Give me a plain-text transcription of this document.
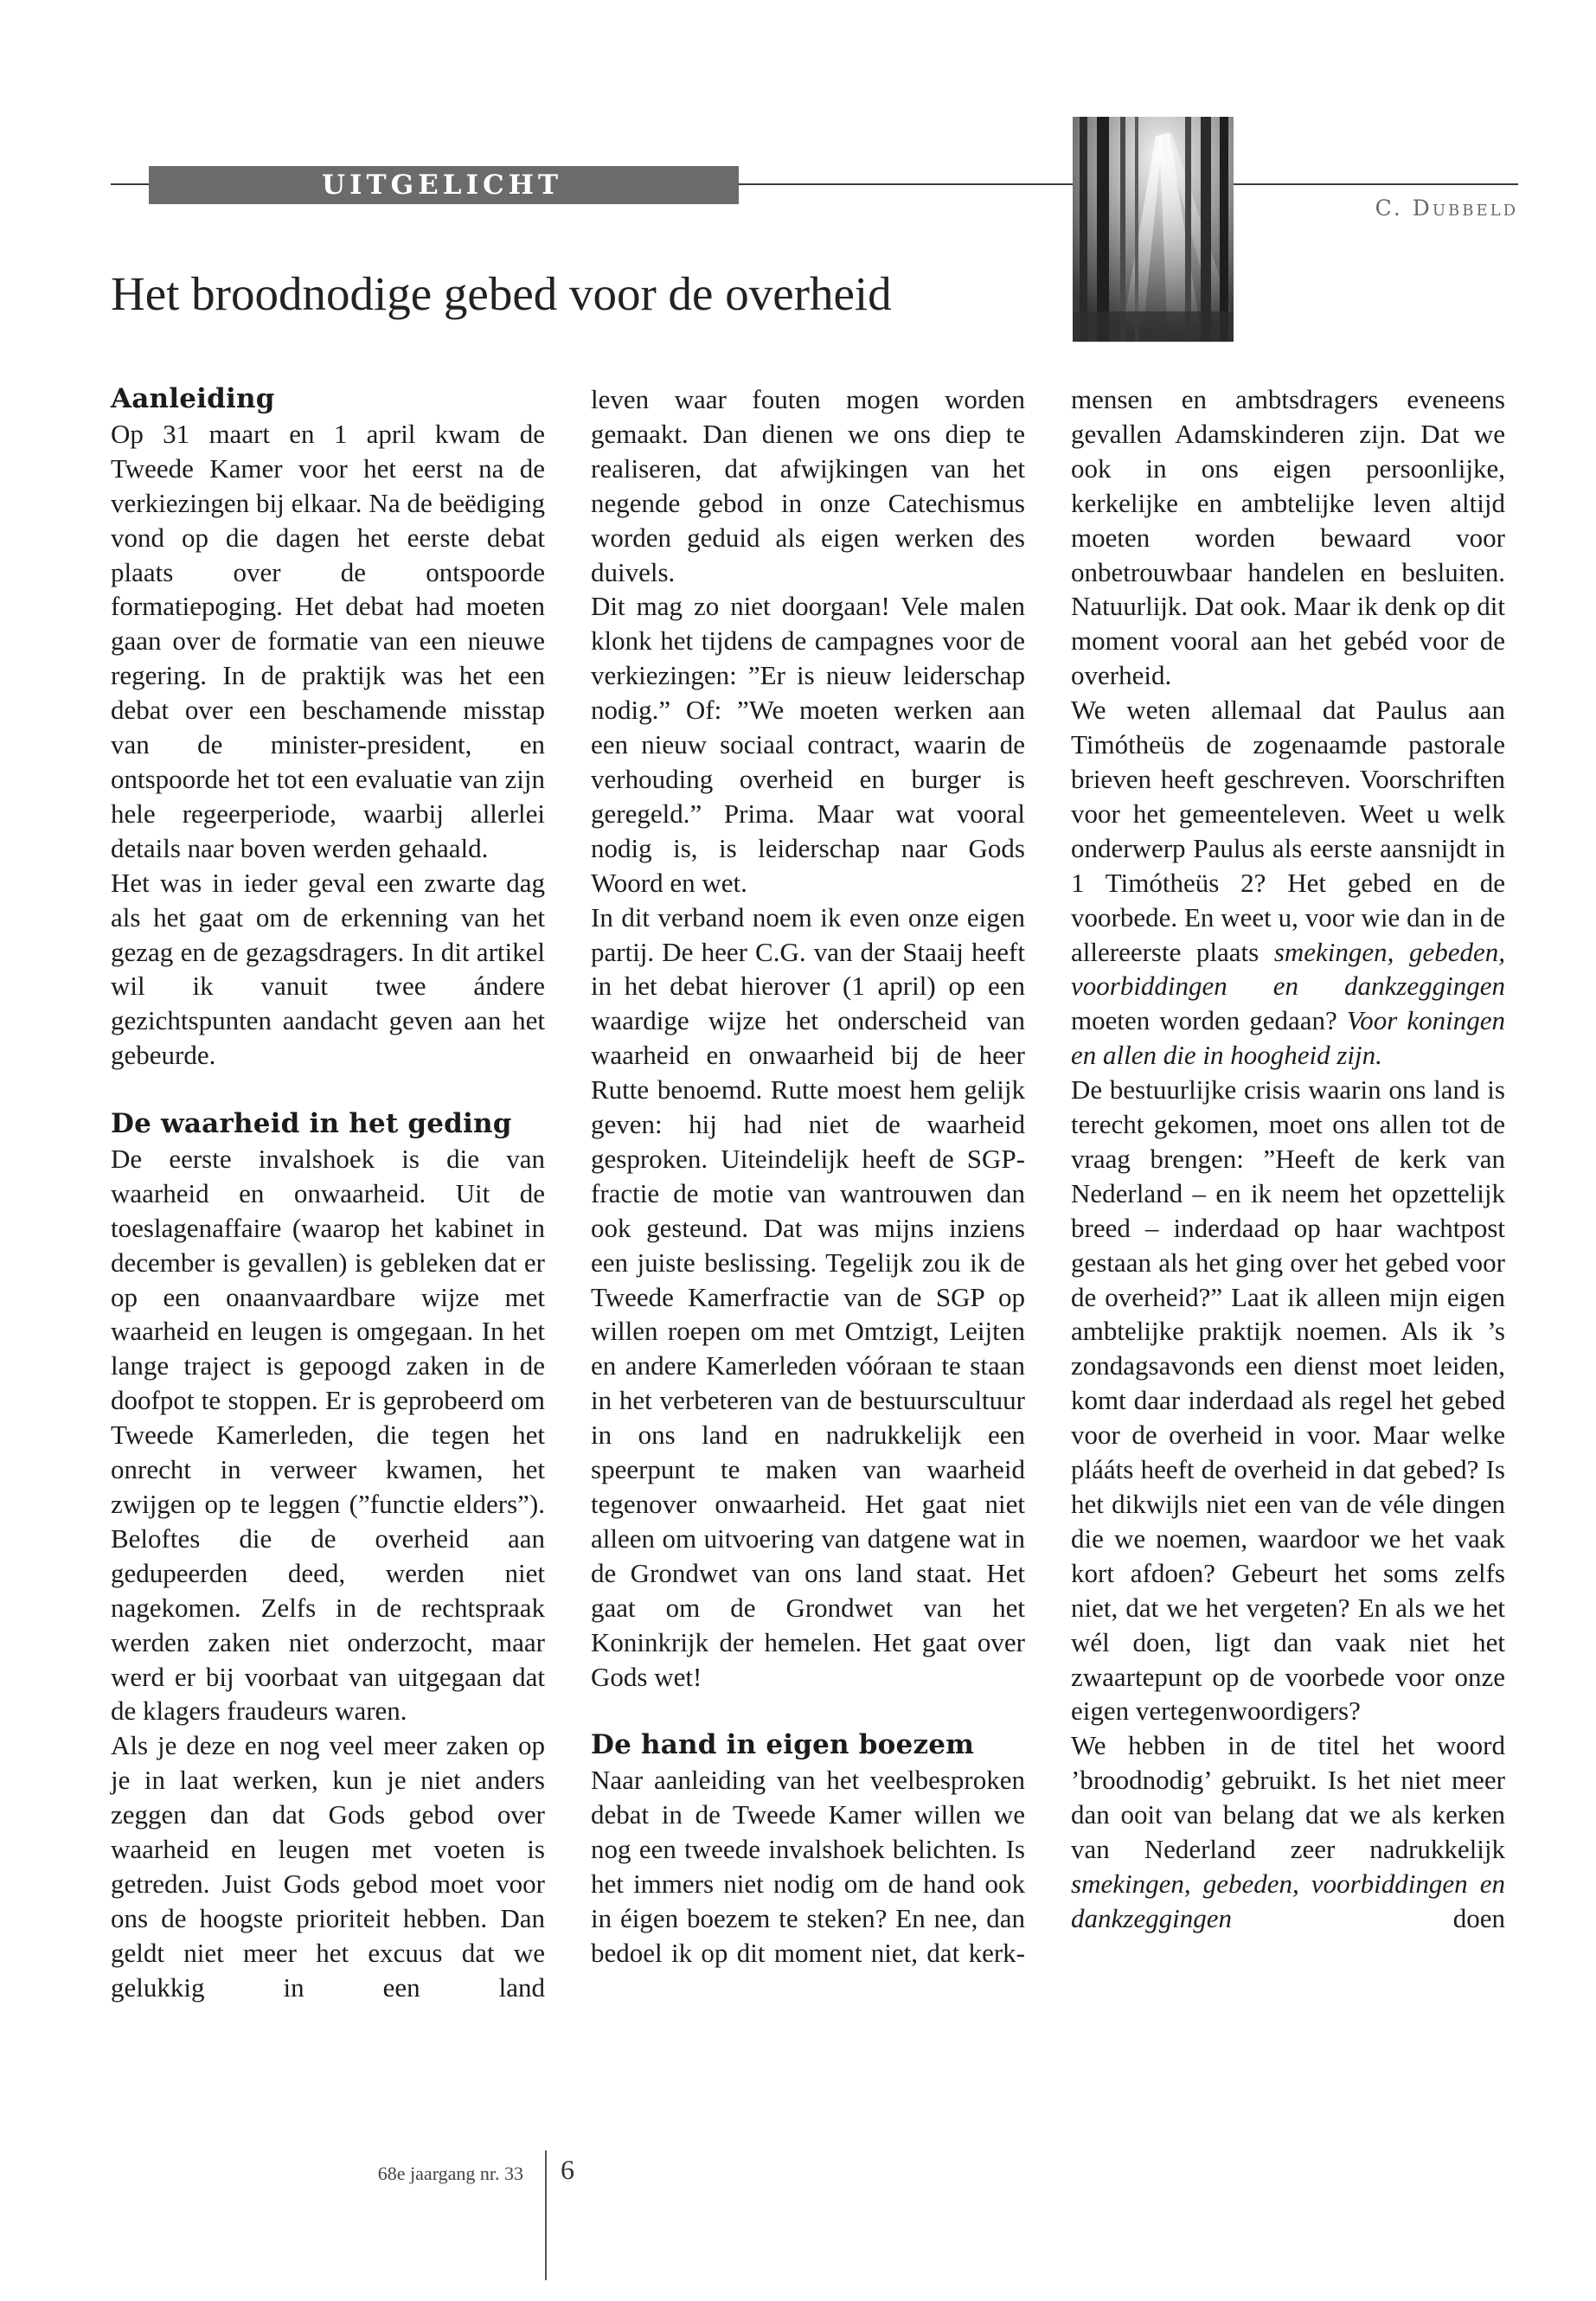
UITGELICHT
C. Dubbeld
Het broodnodige gebed voor de overheid
Aanleiding

Op 31 maart en 1 april kwam de Tweede Kamer voor het eerst na de verkiezingen bij elkaar. Na de beëdiging vond op die dagen het eerste debat plaats over de ontspoorde formatiepoging. Het debat had moeten gaan over de formatie van een nieuwe regering. In de praktijk was het een debat over een beschamende misstap van de minister-president, en ontspoorde het tot een evaluatie van zijn hele regeerperiode, waarbij allerlei details naar boven werden gehaald.

Het was in ieder geval een zwarte dag als het gaat om de erkenning van het gezag en de gezagsdragers. In dit artikel wil ik vanuit twee ándere gezichtspunten aandacht geven aan het gebeurde.

De waarheid in het geding

De eerste invalshoek is die van waarheid en onwaarheid. Uit de toeslagenaffaire (waarop het kabinet in december is gevallen) is gebleken dat er op een onaanvaardbare wijze met waarheid en leugen is omgegaan. In het lange traject is gepoogd zaken in de doofpot te stoppen. Er is geprobeerd om Tweede Kamerleden, die tegen het onrecht in verweer kwamen, het zwijgen op te leggen (”functie elders”). Beloftes die de overheid aan gedupeerden deed, werden niet nagekomen. Zelfs in de rechtspraak werden zaken niet onderzocht, maar werd er bij voorbaat van uitgegaan dat de klagers fraudeurs waren.

Als je deze en nog veel meer zaken op je in laat werken, kun je niet anders zeggen dan dat Gods gebod over waarheid en leugen met voeten is getreden. Juist Gods gebod moet voor ons de hoogste prioriteit hebben. Dan geldt niet meer het excuus dat we gelukkig in een land

leven waar fouten mogen worden gemaakt. Dan dienen we ons diep te realiseren, dat afwijkingen van het negende gebod in onze Catechismus worden geduid als eigen werken des duivels.

Dit mag zo niet doorgaan! Vele malen klonk het tijdens de campagnes voor de verkiezingen: ”Er is nieuw leiderschap nodig.” Of: ”We moeten werken aan een nieuw sociaal contract, waarin de verhouding overheid en burger is geregeld.” Prima. Maar wat vooral nodig is, is leiderschap naar Gods Woord en wet.

In dit verband noem ik even onze eigen partij. De heer C.G. van der Staaij heeft in het debat hierover (1 april) op een waardige wijze het onderscheid van waarheid en onwaarheid bij de heer Rutte benoemd. Rutte moest hem gelijk geven: hij had niet de waarheid gesproken. Uiteindelijk heeft de SGP-fractie de motie van wantrouwen dan ook gesteund. Dat was mijns inziens een juiste beslissing. Tegelijk zou ik de Tweede Kamerfractie van de SGP op willen roepen om met Omtzigt, Leijten en andere Kamerleden vóóraan te staan in het verbeteren van de bestuurscultuur in ons land en nadrukkelijk een speerpunt te maken van waarheid tegenover onwaarheid. Het gaat niet alleen om uitvoering van datgene wat in de Grondwet van ons land staat. Het gaat om de Grondwet van het Koninkrijk der hemelen. Het gaat over Gods wet!

De hand in eigen boezem

Naar aanleiding van het veelbesproken debat in de Tweede Kamer willen we nog een tweede invalshoek belichten. Is het immers niet nodig om de hand ook in éigen boezem te steken? En nee, dan bedoel ik op dit moment niet, dat kerk-

mensen en ambtsdragers eveneens gevallen Adamskinderen zijn. Dat we ook in ons eigen persoonlijke, kerkelijke en ambtelijke leven altijd moeten worden bewaard voor onbetrouwbaar handelen en besluiten. Natuurlijk. Dat ook. Maar ik denk op dit moment vooral aan het gebéd voor de overheid.

We weten allemaal dat Paulus aan Timótheüs de zogenaamde pastorale brieven heeft geschreven. Voorschriften voor het gemeenteleven. Weet u welk onderwerp Paulus als eerste aansnijdt in 1 Timótheüs 2? Het gebed en de voorbede. En weet u, voor wie dan in de allereerste plaats smekingen, gebeden, voorbiddingen en dankzeggingen moeten worden gedaan? Voor koningen en allen die in hoogheid zijn.

De bestuurlijke crisis waarin ons land is terecht gekomen, moet ons allen tot de vraag brengen: ”Heeft de kerk van Nederland – en ik neem het opzettelijk breed – inderdaad op haar wachtpost gestaan als het ging over het gebed voor de overheid?” Laat ik alleen mijn eigen ambtelijke praktijk noemen. Als ik ’s zondagsavonds een dienst moet leiden, komt daar inderdaad als regel het gebed voor de overheid in voor. Maar welke plááts heeft de overheid in dat gebed? Is het dikwijls niet een van de véle dingen die we noemen, waardoor we het vaak kort afdoen? Gebeurt het soms zelfs niet, dat we het vergeten? En als we het wél doen, ligt dan vaak niet het zwaartepunt op de voorbede voor onze eigen vertegenwoordigers?

We hebben in de titel het woord ’broodnodig’ gebruikt. Is het niet meer dan ooit van belang dat we als kerken van Nederland zeer nadrukkelijk smekingen, gebeden, voorbiddingen en dankzeggingen doen

68e jaargang nr. 33 6
